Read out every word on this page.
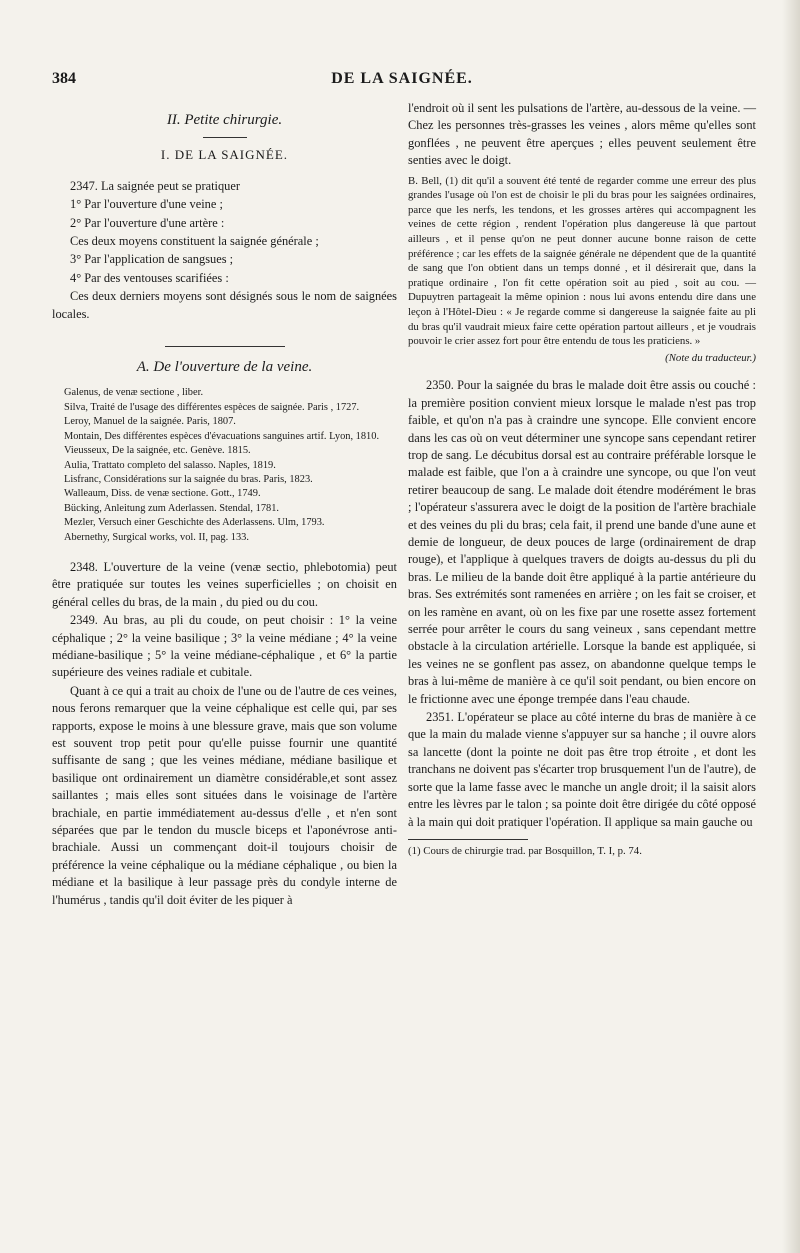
384	DE LA SAIGNÉE.
II. Petite chirurgie.
I. DE LA SAIGNÉE.

2347. La saignée peut se pratiquer

1° Par l'ouverture d'une veine ;

2° Par l'ouverture d'une artère :

Ces deux moyens constituent la saignée générale ;

3° Par l'application de sangsues ;

4° Par des ventouses scarifiées :

Ces deux derniers moyens sont désignés sous le nom de saignées locales.

A. De l'ouverture de la veine.
Galenus, de venæ sectione , liber.
Silva, Traité de l'usage des différentes espèces de saignée. Paris , 1727.
Leroy, Manuel de la saignée. Paris, 1807.
Montain, Des différentes espèces d'évacuations sanguines artif. Lyon, 1810.
Vieusseux, De la saignée, etc. Genève. 1815.
Aulia, Trattato completo del salasso. Naples, 1819.
Lisfranc, Considérations sur la saignée du bras. Paris, 1823.
Walleaum, Diss. de venæ sectione. Gott., 1749.
Bücking, Anleitung zum Aderlassen. Stendal, 1781.
Mezler, Versuch einer Geschichte des Aderlassens. Ulm, 1793.
Abernethy, Surgical works, vol. II, pag. 133.

2348. L'ouverture de la veine (venæ sectio, phlebotomia) peut être pratiquée sur toutes les veines superficielles ; on choisit en général celles du bras, de la main , du pied ou du cou.

2349. Au bras, au pli du coude, on peut choisir : 1° la veine céphalique ; 2° la veine basilique ; 3° la veine médiane ; 4° la veine médiane-basilique ; 5° la veine médiane-céphalique , et 6° la partie supérieure des veines radiale et cubitale.

Quant à ce qui a trait au choix de l'une ou de l'autre de ces veines, nous ferons remarquer que la veine céphalique est celle qui, par ses rapports, expose le moins à une blessure grave, mais que son volume est souvent trop petit pour qu'elle puisse fournir une quantité suffisante de sang ; que les veines médiane, médiane basilique et basilique ont ordinairement un diamètre considérable,et sont assez saillantes ; mais elles sont situées dans le voisinage de l'artère brachiale, en partie immédiatement au-dessus d'elle , et n'en sont séparées que par le tendon du muscle biceps et l'aponévrose anti-brachiale. Aussi un commençant doit-il toujours choisir de préférence la veine céphalique ou la médiane céphalique , ou bien la médiane et la basilique à leur passage près du condyle interne de l'humérus , tandis qu'il doit éviter de les piquer à

l'endroit où il sent les pulsations de l'artère, au-dessous de la veine. — Chez les personnes très-grasses les veines , alors même qu'elles sont gonflées , ne peuvent être aperçues ; elles peuvent seulement être senties avec le doigt.

B. Bell, (1) dit qu'il a souvent été tenté de regarder comme une erreur des plus grandes l'usage où l'on est de choisir le pli du bras pour les saignées ordinaires, parce que les nerfs, les tendons, et les grosses artères qui accompagnent les veines de cette région , rendent l'opération plus dangereuse là que partout ailleurs , et il pense qu'on ne peut donner aucune bonne raison de cette préférence ; car les effets de la saignée générale ne dépendent que de la quantité de sang que l'on obtient dans un temps donné , et il désirerait que, dans la pratique ordinaire , l'on fit cette opération soit au pied , soit au cou. — Dupuytren partageait la même opinion : nous lui avons entendu dire dans une leçon à l'Hôtel-Dieu : « Je regarde comme si dangereuse la saignée faite au pli du bras qu'il vaudrait mieux faire cette opération partout ailleurs , et je voudrais pouvoir le crier assez fort pour être entendu de tous les praticiens. »
(Note du traducteur.)

2350. Pour la saignée du bras le malade doit être assis ou couché : la première position convient mieux lorsque le malade n'est pas trop faible, et qu'on n'a pas à craindre une syncope. Elle convient encore dans les cas où on veut déterminer une syncope sans cependant retirer trop de sang. Le décubitus dorsal est au contraire préférable lorsque le malade est faible, que l'on a à craindre une syncope, ou que l'on veut retirer beaucoup de sang. Le malade doit étendre modérément le bras ; l'opérateur s'assurera avec le doigt de la position de l'artère brachiale et des veines du pli du bras; cela fait, il prend une bande d'une aune et demie de longueur, de deux pouces de large (ordinairement de drap rouge), et l'applique à quelques travers de doigts au-dessus du pli du bras. Le milieu de la bande doit être appliqué à la partie antérieure du bras. Ses extrémités sont ramenées en arrière ; on les fait se croiser, et on les ramène en avant, où on les fixe par une rosette assez fortement serrée pour arrêter le cours du sang veineux , sans cependant mettre obstacle à la circulation artérielle. Lorsque la bande est appliquée, si les veines ne se gonflent pas assez, on abandonne quelque temps le bras à lui-même de manière à ce qu'il soit pendant, ou bien encore on le frictionne avec une éponge trempée dans l'eau chaude.

2351. L'opérateur se place au côté interne du bras de manière à ce que la main du malade vienne s'appuyer sur sa hanche ; il ouvre alors sa lancette (dont la pointe ne doit pas être trop étroite , et dont les tranchans ne doivent pas s'écarter trop brusquement l'un de l'autre), de sorte que la lame fasse avec le manche un angle droit; il la saisit alors entre les lèvres par le talon ; sa pointe doit être dirigée du côté opposé à la main qui doit pratiquer l'opération. Il applique sa main gauche ou

(1) Cours de chirurgie trad. par Bosquillon, T. I, p. 74.
